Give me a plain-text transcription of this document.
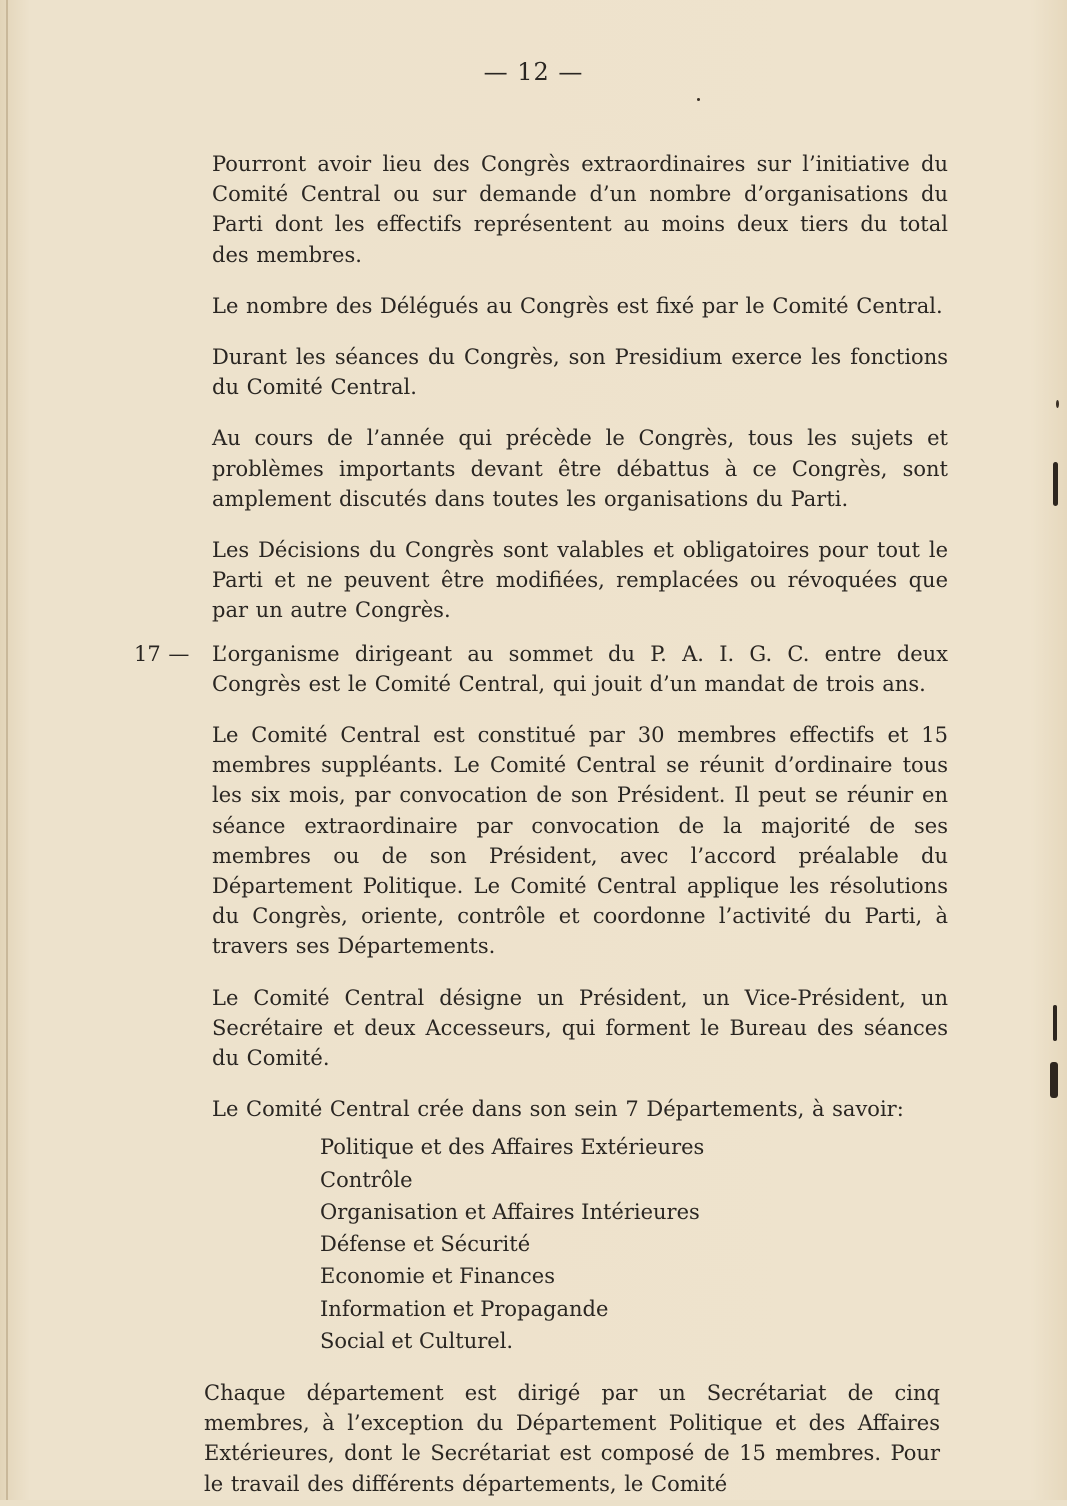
— 12 —

Pourront avoir lieu des Congrès extraordinaires sur l’initiative du Comité Central ou sur demande d’un nombre d’organisations du Parti dont les effectifs représentent au moins deux tiers du total des membres.

Le nombre des Délégués au Congrès est fixé par le Comité Central.

Durant les séances du Congrès, son Presidium exerce les fonctions du Comité Central.

Au cours de l’année qui précède le Congrès, tous les sujets et problèmes importants devant être débattus à ce Congrès, sont amplement discutés dans toutes les organisations du Parti.

Les Décisions du Congrès sont valables et obligatoires pour tout le Parti et ne peuvent être modifiées, remplacées ou révoquées que par un autre Congrès.

17 — L’organisme dirigeant au sommet du P. A. I. G. C. entre deux Congrès est le Comité Central, qui jouit d’un mandat de trois ans.

Le Comité Central est constitué par 30 membres effectifs et 15 membres suppléants. Le Comité Central se réunit d’ordinaire tous les six mois, par convocation de son Président. Il peut se réunir en séance extraordinaire par convocation de la majorité de ses membres ou de son Président, avec l’accord préalable du Département Politique. Le Comité Central applique les résolutions du Congrès, oriente, contrôle et coordonne l’activité du Parti, à travers ses Départements.

Le Comité Central désigne un Président, un Vice-Président, un Secrétaire et deux Accesseurs, qui forment le Bureau des séances du Comité.

Le Comité Central crée dans son sein 7 Départements, à savoir:

Politique et des Affaires Extérieures
Contrôle
Organisation et Affaires Intérieures
Défense et Sécurité
Economie et Finances
Information et Propagande
Social et Culturel.

Chaque département est dirigé par un Secrétariat de cinq membres, à l’exception du Département Politique et des Affaires Extérieures, dont le Secrétariat est composé de 15 membres. Pour le travail des différents départements, le Comité
